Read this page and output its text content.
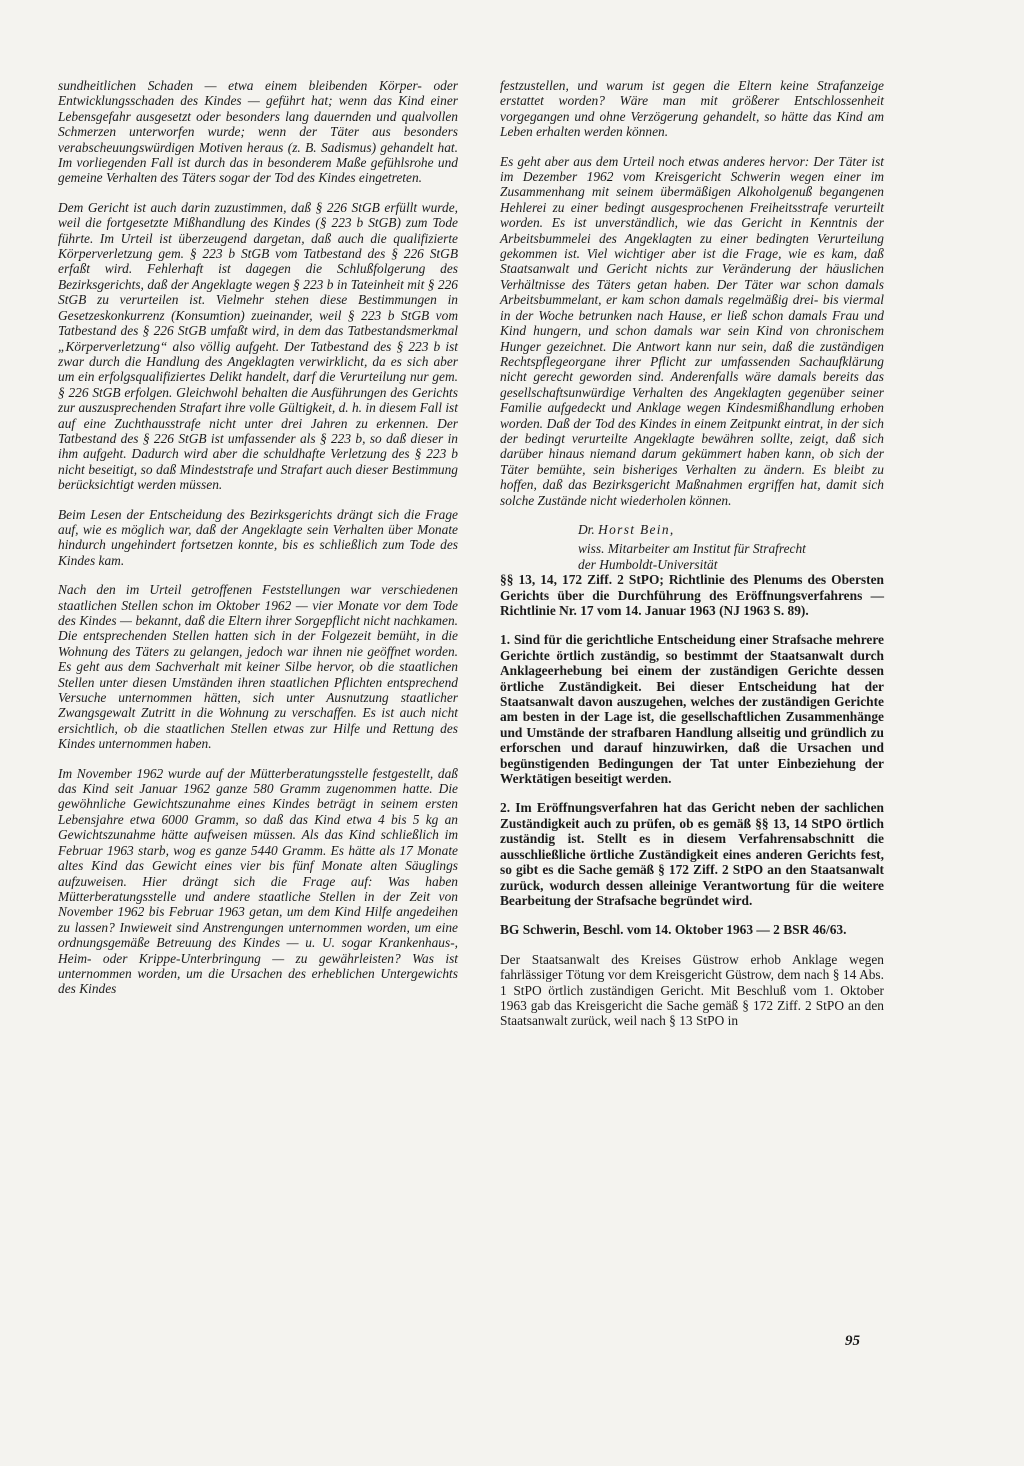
sundheitlichen Schaden — etwa einem bleibenden Körper- oder Entwicklungsschaden des Kindes — geführt hat; wenn das Kind einer Lebensgefahr ausgesetzt oder besonders lang dauernden und qualvollen Schmerzen unterworfen wurde; wenn der Täter aus besonders verabscheuungswürdigen Motiven heraus (z. B. Sadismus) gehandelt hat. Im vorliegenden Fall ist durch das in besonderem Maße gefühlsrohe und gemeine Verhalten des Täters sogar der Tod des Kindes eingetreten.

Dem Gericht ist auch darin zuzustimmen, daß § 226 StGB erfüllt wurde, weil die fortgesetzte Mißhandlung des Kindes (§ 223 b StGB) zum Tode führte. Im Urteil ist überzeugend dargetan, daß auch die qualifizierte Körperverletzung gem. § 223 b StGB vom Tatbestand des § 226 StGB erfaßt wird. Fehlerhaft ist dagegen die Schlußfolgerung des Bezirksgerichts, daß der Angeklagte wegen § 223 b in Tateinheit mit § 226 StGB zu verurteilen ist. Vielmehr stehen diese Bestimmungen in Gesetzeskonkurrenz (Konsumtion) zueinander, weil § 223 b StGB vom Tatbestand des § 226 StGB umfaßt wird, in dem das Tatbestandsmerkmal „Körperverletzung“ also völlig aufgeht. Der Tatbestand des § 223 b ist zwar durch die Handlung des Angeklagten verwirklicht, da es sich aber um ein erfolgsqualifiziertes Delikt handelt, darf die Verurteilung nur gem. § 226 StGB erfolgen. Gleichwohl behalten die Ausführungen des Gerichts zur auszusprechenden Strafart ihre volle Gültigkeit, d. h. in diesem Fall ist auf eine Zuchthausstrafe nicht unter drei Jahren zu erkennen. Der Tatbestand des § 226 StGB ist umfassender als § 223 b, so daß dieser in ihm aufgeht. Dadurch wird aber die schuldhafte Verletzung des § 223 b nicht beseitigt, so daß Mindeststrafe und Strafart auch dieser Bestimmung berücksichtigt werden müssen.

Beim Lesen der Entscheidung des Bezirksgerichts drängt sich die Frage auf, wie es möglich war, daß der Angeklagte sein Verhalten über Monate hindurch ungehindert fortsetzen konnte, bis es schließlich zum Tode des Kindes kam.

Nach den im Urteil getroffenen Feststellungen war verschiedenen staatlichen Stellen schon im Oktober 1962 — vier Monate vor dem Tode des Kindes — bekannt, daß die Eltern ihrer Sorgepflicht nicht nachkamen. Die entsprechenden Stellen hatten sich in der Folgezeit bemüht, in die Wohnung des Täters zu gelangen, jedoch war ihnen nie geöffnet worden. Es geht aus dem Sachverhalt mit keiner Silbe hervor, ob die staatlichen Stellen unter diesen Umständen ihren staatlichen Pflichten entsprechend Versuche unternommen hätten, sich unter Ausnutzung staatlicher Zwangsgewalt Zutritt in die Wohnung zu verschaffen. Es ist auch nicht ersichtlich, ob die staatlichen Stellen etwas zur Hilfe und Rettung des Kindes unternommen haben.

Im November 1962 wurde auf der Mütterberatungsstelle festgestellt, daß das Kind seit Januar 1962 ganze 580 Gramm zugenommen hatte. Die gewöhnliche Gewichtszunahme eines Kindes beträgt in seinem ersten Lebensjahre etwa 6000 Gramm, so daß das Kind etwa 4 bis 5 kg an Gewichtszunahme hätte aufweisen müssen. Als das Kind schließlich im Februar 1963 starb, wog es ganze 5440 Gramm. Es hätte als 17 Monate altes Kind das Gewicht eines vier bis fünf Monate alten Säuglings aufzuweisen. Hier drängt sich die Frage auf: Was haben Mütterberatungsstelle und andere staatliche Stellen in der Zeit von November 1962 bis Februar 1963 getan, um dem Kind Hilfe angedeihen zu lassen? Inwieweit sind Anstrengungen unternommen worden, um eine ordnungsgemäße Betreuung des Kindes — u. U. sogar Krankenhaus-, Heim- oder Krippe-Unterbringung — zu gewährleisten? Was ist unternommen worden, um die Ursachen des erheblichen Untergewichts des Kindes

festzustellen, und warum ist gegen die Eltern keine Strafanzeige erstattet worden? Wäre man mit größerer Entschlossenheit vorgegangen und ohne Verzögerung gehandelt, so hätte das Kind am Leben erhalten werden können.

Es geht aber aus dem Urteil noch etwas anderes hervor: Der Täter ist im Dezember 1962 vom Kreisgericht Schwerin wegen einer im Zusammenhang mit seinem übermäßigen Alkoholgenuß begangenen Hehlerei zu einer bedingt ausgesprochenen Freiheitsstrafe verurteilt worden. Es ist unverständlich, wie das Gericht in Kenntnis der Arbeitsbummelei des Angeklagten zu einer bedingten Verurteilung gekommen ist. Viel wichtiger aber ist die Frage, wie es kam, daß Staatsanwalt und Gericht nichts zur Veränderung der häuslichen Verhältnisse des Täters getan haben. Der Täter war schon damals Arbeitsbummelant, er kam schon damals regelmäßig drei- bis viermal in der Woche betrunken nach Hause, er ließ schon damals Frau und Kind hungern, und schon damals war sein Kind von chronischem Hunger gezeichnet. Die Antwort kann nur sein, daß die zuständigen Rechtspflegeorgane ihrer Pflicht zur umfassenden Sachaufklärung nicht gerecht geworden sind. Anderenfalls wäre damals bereits das gesellschaftsunwürdige Verhalten des Angeklagten gegenüber seiner Familie aufgedeckt und Anklage wegen Kindesmißhandlung erhoben worden. Daß der Tod des Kindes in einem Zeitpunkt eintrat, in der sich der bedingt verurteilte Angeklagte bewähren sollte, zeigt, daß sich darüber hinaus niemand darum gekümmert haben kann, ob sich der Täter bemühte, sein bisheriges Verhalten zu ändern. Es bleibt zu hoffen, daß das Bezirksgericht Maßnahmen ergriffen hat, damit sich solche Zustände nicht wiederholen können.

Dr. Horst Bein,
wiss. Mitarbeiter am Institut für Strafrecht
der Humboldt-Universität

§§ 13, 14, 172 Ziff. 2 StPO; Richtlinie des Plenums des Obersten Gerichts über die Durchführung des Eröffnungsverfahrens — Richtlinie Nr. 17 vom 14. Januar 1963 (NJ 1963 S. 89).

1. Sind für die gerichtliche Entscheidung einer Strafsache mehrere Gerichte örtlich zuständig, so bestimmt der Staatsanwalt durch Anklageerhebung bei einem der zuständigen Gerichte dessen örtliche Zuständigkeit. Bei dieser Entscheidung hat der Staatsanwalt davon auszugehen, welches der zuständigen Gerichte am besten in der Lage ist, die gesellschaftlichen Zusammenhänge und Umstände der strafbaren Handlung allseitig und gründlich zu erforschen und darauf hinzuwirken, daß die Ursachen und begünstigenden Bedingungen der Tat unter Einbeziehung der Werktätigen beseitigt werden.

2. Im Eröffnungsverfahren hat das Gericht neben der sachlichen Zuständigkeit auch zu prüfen, ob es gemäß §§ 13, 14 StPO örtlich zuständig ist. Stellt es in diesem Verfahrensabschnitt die ausschließliche örtliche Zuständigkeit eines anderen Gerichts fest, so gibt es die Sache gemäß § 172 Ziff. 2 StPO an den Staatsanwalt zurück, wodurch dessen alleinige Verantwortung für die weitere Bearbeitung der Strafsache begründet wird.

BG Schwerin, Beschl. vom 14. Oktober 1963 — 2 BSR 46/63.

Der Staatsanwalt des Kreises Güstrow erhob Anklage wegen fahrlässiger Tötung vor dem Kreisgericht Güstrow, dem nach § 14 Abs. 1 StPO örtlich zuständigen Gericht. Mit Beschluß vom 1. Oktober 1963 gab das Kreisgericht die Sache gemäß § 172 Ziff. 2 StPO an den Staatsanwalt zurück, weil nach § 13 StPO in

95
